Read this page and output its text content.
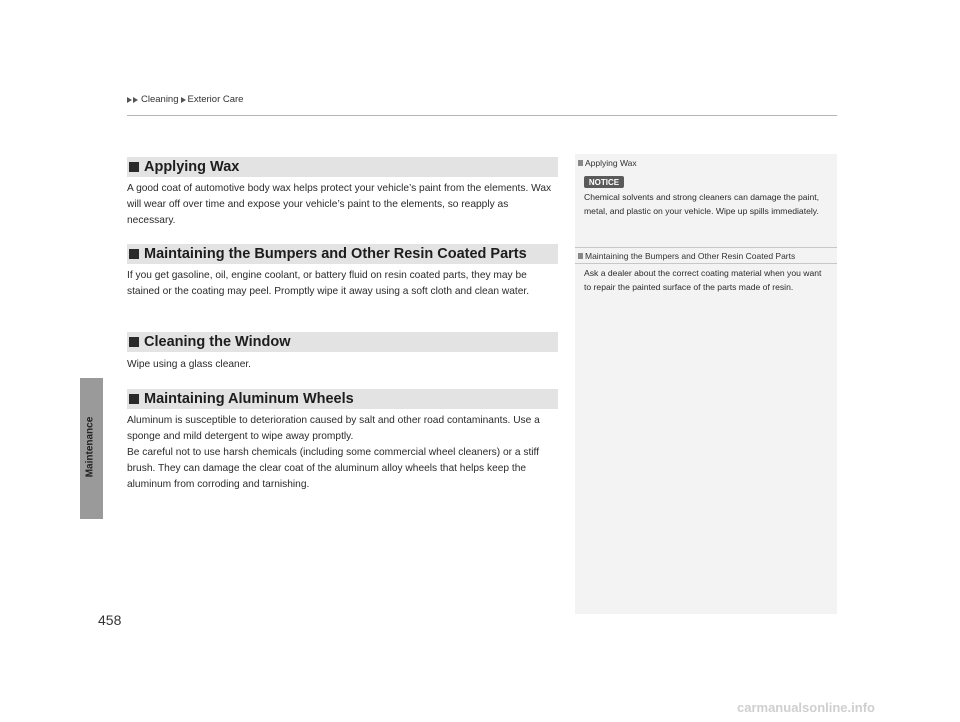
Cleaning Exterior Care
Maintenance
Applying Wax

A good coat of automotive body wax helps protect your vehicle’s paint from the elements. Wax will wear off over time and expose your vehicle’s paint to the elements, so reapply as necessary.

Maintaining the Bumpers and Other Resin Coated Parts

If you get gasoline, oil, engine coolant, or battery fluid on resin coated parts, they may be stained or the coating may peel. Promptly wipe it away using a soft cloth and clean water.

Cleaning the Window

Wipe using a glass cleaner.

Maintaining Aluminum Wheels

Aluminum is susceptible to deterioration caused by salt and other road contaminants. Use a sponge and mild detergent to wipe away promptly.

Be careful not to use harsh chemicals (including some commercial wheel cleaners) or a stiff brush. They can damage the clear coat of the aluminum alloy wheels that helps keep the aluminum from corroding and tarnishing.

Applying Wax
NOTICE
Chemical solvents and strong cleaners can damage the paint, metal, and plastic on your vehicle. Wipe up spills immediately.
Maintaining the Bumpers and Other Resin Coated Parts
Ask a dealer about the correct coating material when you want to repair the painted surface of the parts made of resin.
458
carmanualsonline.info
